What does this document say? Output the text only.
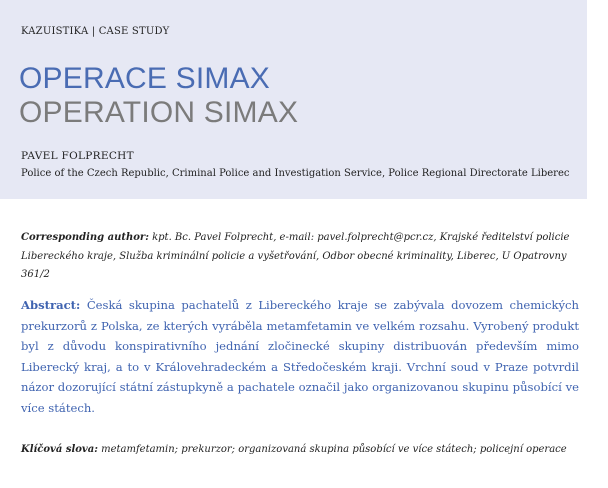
KAZUISTIKA | CASE STUDY
OPERACE SIMAX
OPERATION SIMAX
PAVEL FOLPRECHT
Police of the Czech Republic, Criminal Police and Investigation Service, Police Regional Directorate Liberec
Corresponding author: kpt. Bc. Pavel Folprecht, e-mail: pavel.folprecht@pcr.cz, Krajské ředitelství policie Libereckého kraje, Služba kriminální policie a vyšetřování, Odbor obecné kriminality, Liberec, U Opatrovny 361/2
Abstract: Česká skupina pachatelů z Libereckého kraje se zabývala dovozem chemických prekurzorů z Polska, ze kterých vyráběla metamfetamin ve velkém rozsahu. Vyrobený produkt byl z důvodu konspirativního jednání zločinecké skupiny distribuován především mimo Liberecký kraj, a to v Královehradeckém a Středočeském kraji. Vrchní soud v Praze potvrdil názor dozorující státní zástupkyně a pachatele označil jako organizovanou skupinu působící ve více státech.
Klíčová slova: metamfetamin; prekurzor; organizovaná skupina působící ve více státech; policejní operace
